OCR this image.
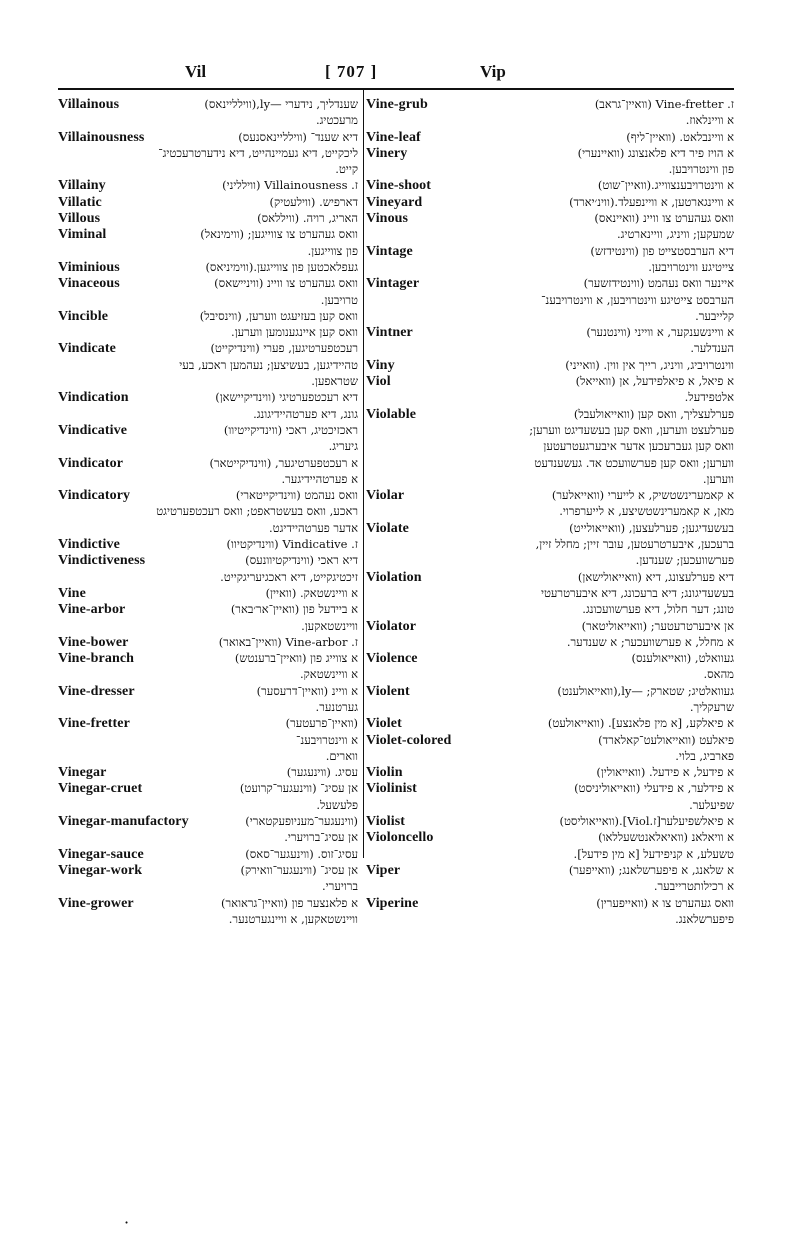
Vil	[ 707 ]	Vip
Villainous	שענדליך, נידערי —ly,(ווילליינאס)
מרעכטיג.
Villainousness	דיא שענד־ (ווילליינאסנעס)
ליכקייט, דיא געמיינהייט, דיא נידערטרעכטיג־
קייט.
Villainy	ז. Villainousness (ווילליני)
Villatic	דארפיש. (ווילעטיק)
Villous	האריג, רויה. (וויללאס)
Viminal	וואס געהערט צו צווייגען; (ווימינאל)
פון צווייגען.
Viminious	געפלאכטען פון צווייגען.(ווימיניאס)
Vinaceous	וואס געהערט צו וויינ (וויניישאס)
טרויבען.
Vincible	וואס קען בעזיעגט ווערען, (ווינסיבל)
וואס קען איינגענומען ווערען.
Vindicate	רעכטפערטיגען, פערי (ווינדיקייט)
טהיידיגען, בעשיצען; נעהמען ראכע, בעי
שטראפען.
Vindication	דיא רעכטפערטיגי (ווינדיקיישאן)
גונג, דיא פערטהיידיגונג.
Vindicative	ראכזיכטיג, ראכי (ווינדיקייטיוו)
גיעריג.
Vindicator	א רעכטפערטיגער, (ווינדיקייטאר)
א פערטהיידיגער.
Vindicatory	וואס נעהמט (ווינדיקייטארי)
ראכע, וואס בעשטראפט; וואס רעכטפערטיגט
אדער פערטהיידיגט.
Vindictive	ז. Vindicative (ווינדיקטיוו)
Vindictiveness	דיא ראכי (ווינדיקטיוונעס)
זיכטיגקייט, דיא ראכגיעריגקייט.
Vine	א וויינשטאק. (וואיין)
Vine-arbor	א ביידעל פון (וואיין־אר׳באר)
וויינשטאקען.
Vine-bower	ז. Vine-arbor (וואיין־באואר)
Vine-branch	א צווייג פון (וואיין־ברענטש)
א וויינשטאק.
Vine-dresser	א וויינ (וואיין־דרעסער)
גערטנער.
Vine-fretter	(וואיין־פרעטער)
א ווינטרויבענ־
ווארים.
Vinegar	עסיג. (ווינעגער)
Vinegar-cruet	אן עסיג־ (ווינעגער־קרועט)
פלעשעל.
Vinegar-manufactory	(ווינעגער־מעניופעקטארי)
אן עסיג־ברויערי.
Vinegar-sauce	עסיג־זוס. (ווינעגער־סאס)
Vinegar-work	אן עסיג־ (ווינעגער־וואירק)
ברויערי.
Vine-grower	א פלאנצער פון (וואיין־גראואר)
וויינשטאקען, א וויינגערטנער.
Vine-grub	ז. Vine-fretter (וואיין־גראב)
א וויינלאוז.
Vine-leaf	א וויינבלאט. (וואיין־ליף)
Vinery	א הויז פיר דיא פלאנצונג (וואיינערי)
פון ווינטרויבען.
Vine-shoot	א ווינטרויבענצווייג.(וואיין־שוט)
Vineyard	א וויינגארטען, א וויינפעלד.(ווינ׳יארד)
Vinous	וואס געהערט צו וויינ (וואיינאס)
שמעקען; וויניג, וויינארטיג.
Vintage	דיא הערבסטצייט פון (ווינטידזש)
צייטיגע ווינטרויבען.
Vintager	איינער וואס נעהמט (ווינטידזשער)
הערבסט צייטיגע ווינטרויבען, א ווינטרויבענ־
קלייבער.
Vintner	א וויינשענקער, א ווייני (ווינטנער)
הענדלער.
Viny	ווינטרויביג, וויניג, רייך אין ווין. (וואייני)
Viol	א פיאל, א פיאלפידעל, אן (וואייאל)
אלטפידעל.
Violable	פערלעצליך, וואס קען (וואייאולעבל)
פערלעצט ווערען, וואס קען בעשעדיגט ווערען;
וואס קען געברעכען אדער איבערגעטרעטען
ווערען; וואס קען פערשוועכט אד. געשענדעט
ווערען.
Violar	א קאמערינשטשיק, א לייערי (וואייאלער)
מאן, א קאמערינשטשיצע, א לייערפרוי.
Violate	בעשעדיגען; פערלעצען, (וואייאולייט)
ברעכען, איבערטרעטען, עובר זיין; מחלל זיין,
פערשוועכען; שענדען.
Violation	דיא פערלעצונג, דיא (וואייאולישאן)
בעשעדיגונג; דיא ברעכונג, דיא איבערטרעטי
טונג; דער חלול, דיא פערשוועכונג.
Violator	אן איבערטרעטער; (וואייאוליטאר)
א מחלל, א פערשוועכער; א שענדער.
Violence	געוואלט, (וואייאולענס)
מהאס.
Violent	געוואלטיג; שטארק; —ly,(וואייאולענט)
שרעקליך.
Violet	א פיאלקע, [א מין פלאנצע]. (וואייאולעט)
Violet-colored	פיאלעט (וואייאולעט־קאלארד)
פארביג, בלוי.
Violin	א פידעל, א פידעל. (וואייאולין)
Violinist	א פידלער, א פידעלי (וואייאוליניסט)
שפיעלער.
Violist	א פיאלשפיעלער[ז.Viol].(וואייאוליסט)
Violoncello	א וויאלאנ (וואיאלאנטשעללאו)
טשעלע, א קניפידעל [א מין פידעל].
Viper	א שלאנג, א פיפערשלאנג; (וואייפער)
א רכילותטרייבער.
Viperine	וואס געהערט צו א (וואייפערין)
פיפערשלאנג.
·
